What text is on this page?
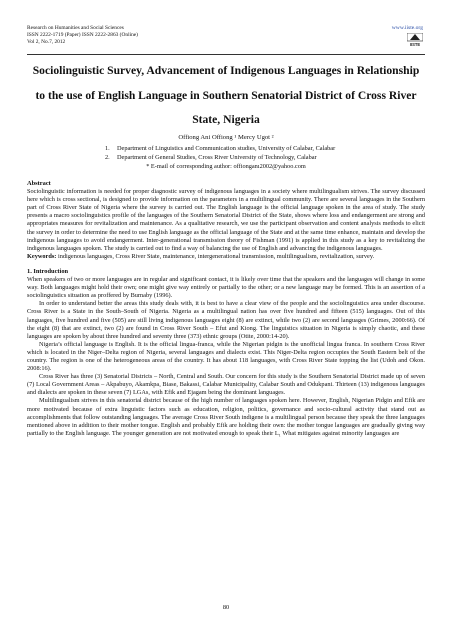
Research on Humanities and Social Sciences
ISSN 2222-1719 (Paper) ISSN 2222-2863 (Online)
Vol 2, No.7, 2012
www.iiste.org
IISTE
Sociolinguistic Survey, Advancement of Indigenous Languages in Relationship to the use of English Language in Southern Senatorial District of Cross River State, Nigeria
Offiong Ani Offiong ¹ Mercy Ugot ²
1. Department of Linguistics and Communication studies, University of Calabar, Calabar
2. Department of General Studies, Cross River University of Technology, Calabar
* E-mail of corresponding author: offionganı2002@yahoo.com
Abstract

Sociolinguistic information is needed for proper diagnostic survey of indigenous languages in a society where multilingualism strives. The survey discussed here which is cross sectional, is designed to provide information on the parameters in a multilingual community. There are several languages in the Southern part of Cross River State of Nigeria where the survey is carried out. The English language is the official language spoken in the area of study. The study presents a macro sociolinguistics profile of the languages of the Southern Senatorial District of the State, shows where loss and endangerment are strong and appropriates measures for revitalization and maintenance. As a qualitative research, we use the participant observation and content analysis methods to elicit the survey in order to determine the need to use English language as the official language of the State and at the same time enhance, maintain and develop the indigenous languages to avoid endangerment. Inter-generational transmission theory of Fishman (1991) is applied in this study as a key to revitalizing the indigenous languages spoken. The study is carried out to find a way of balancing the use of English and advancing the indigenous languages.

Keywords: indigenous languages, Cross River State, maintenance, intergenerational transmission, multilingualism, revitalization, survey.

1. Introduction

When speakers of two or more languages are in regular and significant contact, it is likely over time that the speakers and the languages will change in some way. Both languages might hold their own; one might give way entirely or partially to the other; or a new language may be formed. This is an assertion of a sociolinguistics situation as proffered by Burnaby (1996).

In order to understand better the areas this study deals with, it is best to have a clear view of the people and the sociolinguistics area under discourse. Cross River is a State in the South–South of Nigeria. Nigeria as a multilingual nation has over five hundred and fifteen (515) languages. Out of this languages, five hundred and five (505) are still living indigenous languages eight (8) are extinct, while two (2) are second languages (Grimes, 2000:66). Of the eight (8) that are extinct, two (2) are found in Cross River South – Efut and Kiong. The linguistics situation in Nigeria is simply chaotic, and these languages are spoken by about three hundred and seventy three (373) ethnic groups (Otite, 2000:14-20).

Nigeria’s official language is English. It is the official lingua-franca, while the Nigerian pidgin is the unofficial lingua franca. In southern Cross River which is located in the Niger–Delta region of Nigeria, several languages and dialects exist. This Niger-Delta region occupies the South Eastern belt of the country. The region is one of the heterogeneous areas of the country. It has about 118 languages, with Cross River State topping the list (Udoh and Okon. 2008:16).

Cross River has three (3) Senatorial Districts – North, Central and South. Our concern for this study is the Southern Senatorial District made up of seven (7) Local Government Areas – Akpabuyo, Akamkpa, Biase, Bakassi, Calabar Municipality, Calabar South and Odukpani. Thirteen (13) indigenous languages and dialects are spoken in these seven (7) LGAs, with Efik and Ejagam being the dominant languages.

Multilingualism strives in this senatorial district because of the high number of languages spoken here. However, English, Nigerian Pidgin and Efik are more motivated because of extra linguistic factors such as education, religion, politics, governance and socio-cultural activity that stand out as accomplishments that follow outstanding languages. The average Cross River South indigene is a multilingual person because they speak the three languages mentioned above in addition to their mother tongue. English and probably Efik are holding their own: the mother tongue languages are gradually giving way partially to the English language. The younger generation are not motivated enough to speak their L₁ What mitigates against minority languages are

80
